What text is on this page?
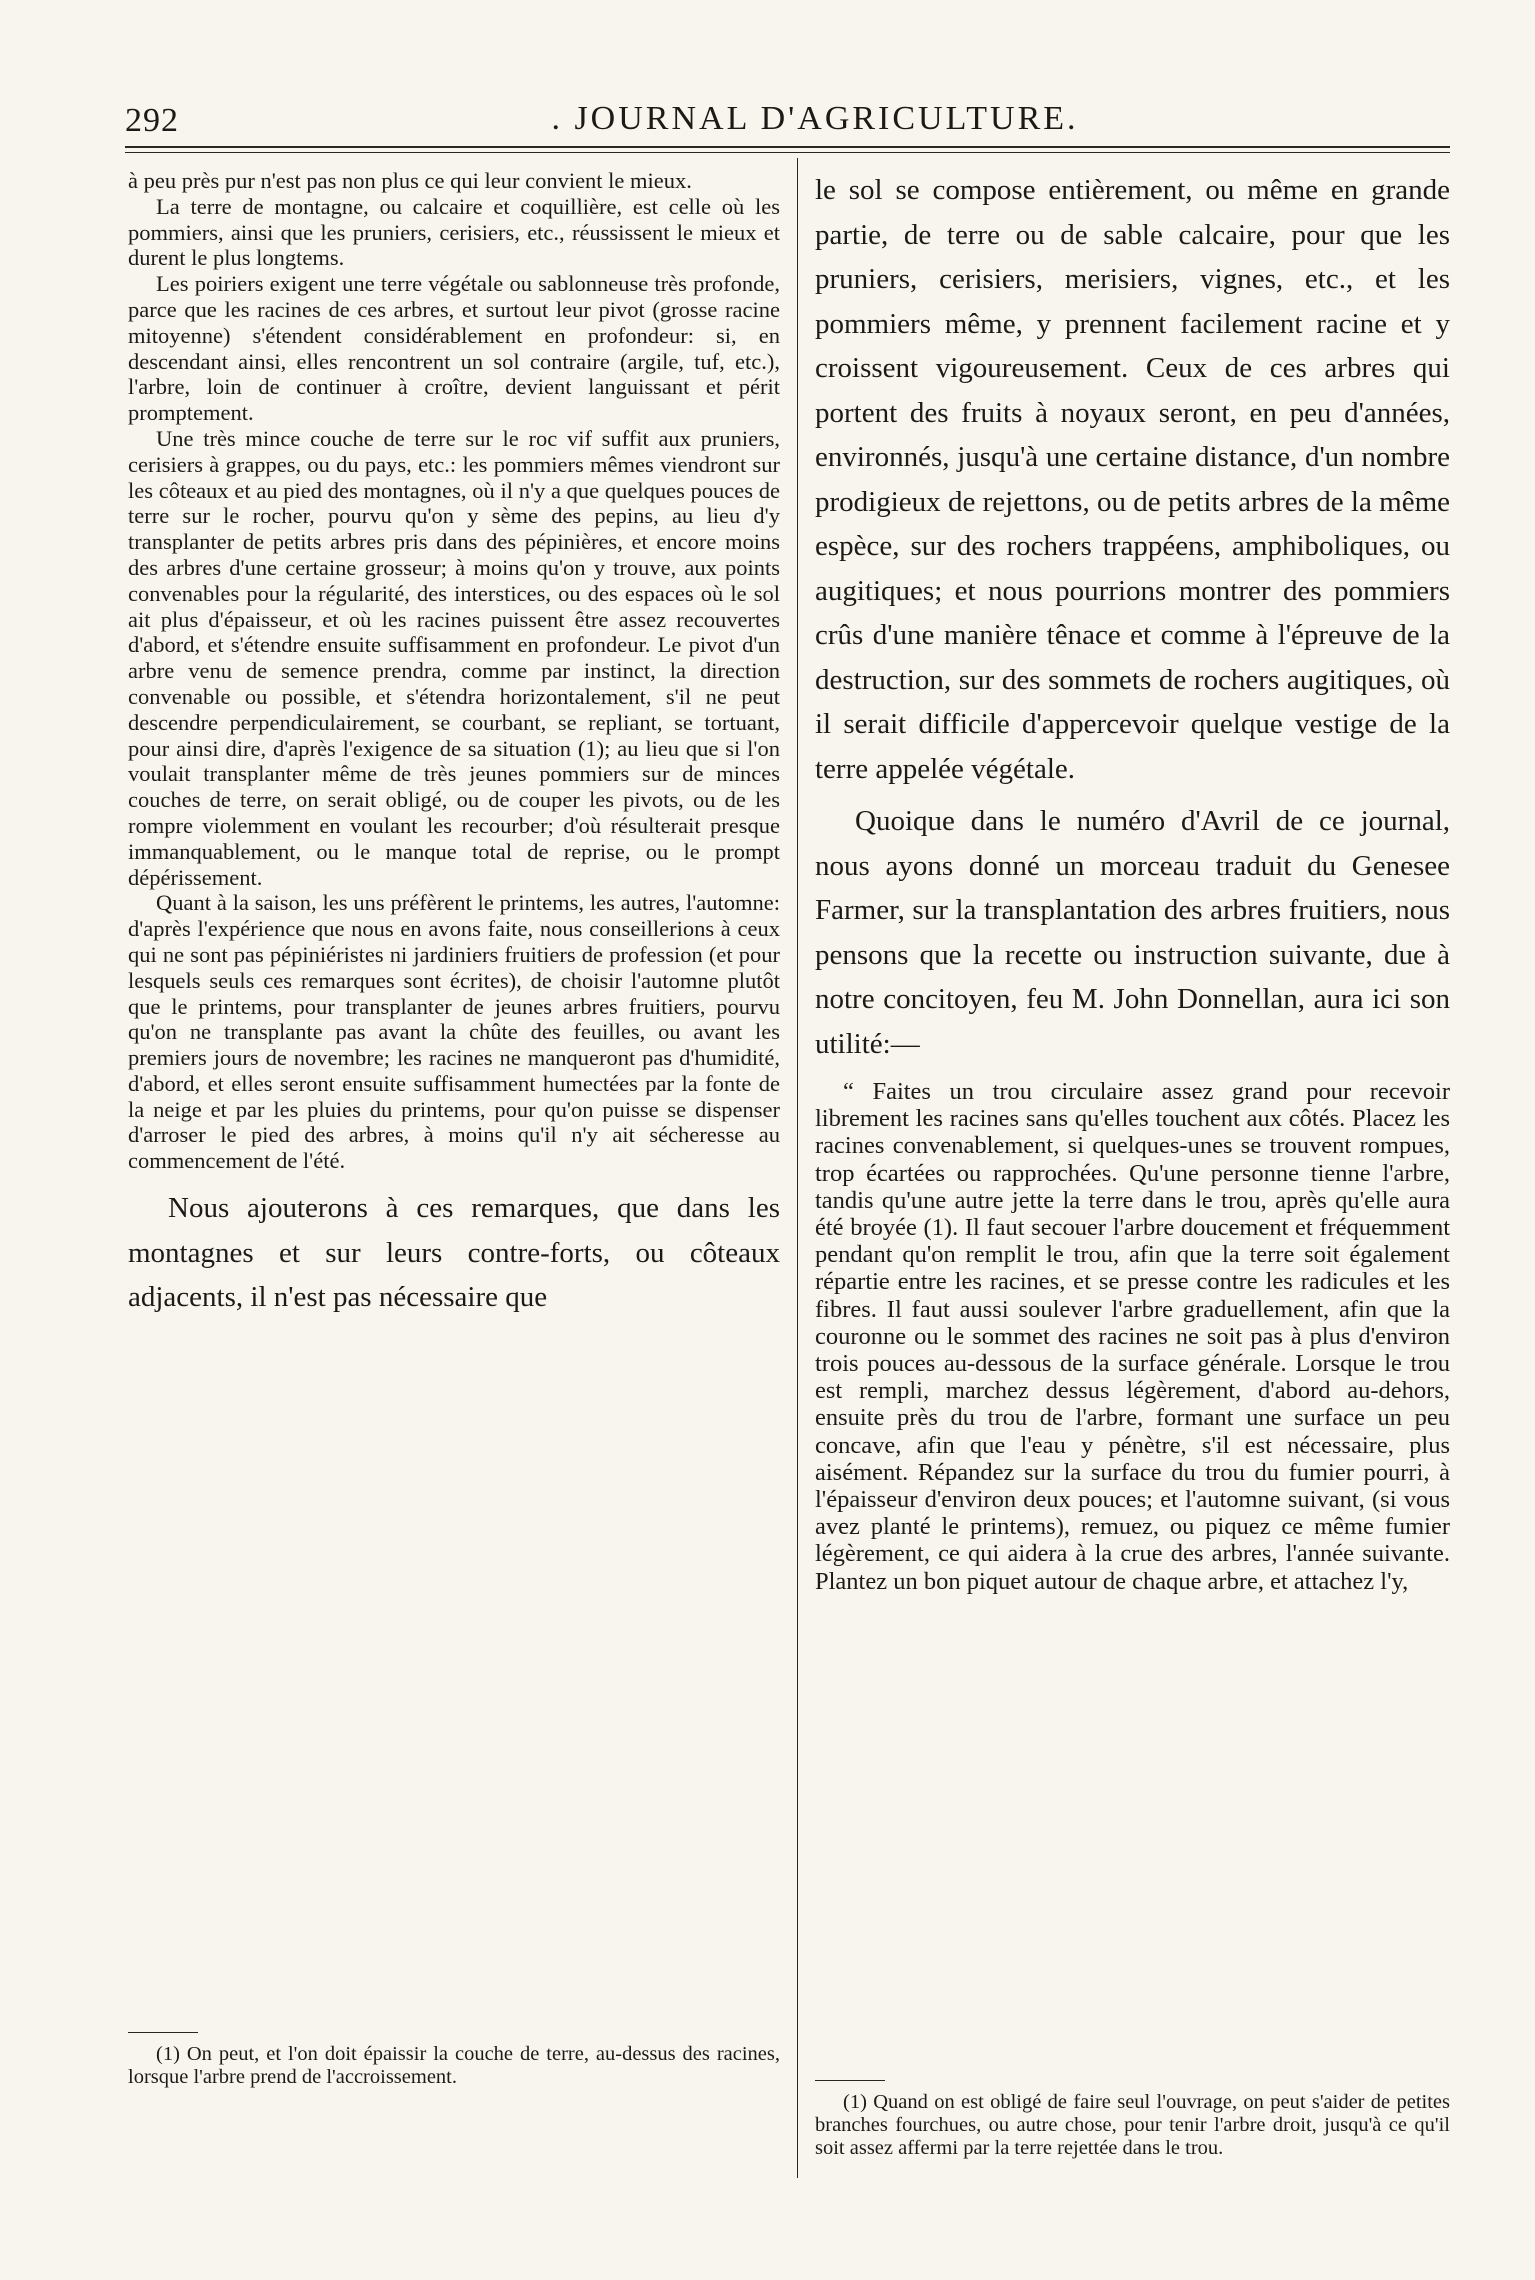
292	. JOURNAL D'AGRICULTURE.

à peu près pur n'est pas non plus ce qui leur convient le mieux.

La terre de montagne, ou calcaire et coquillière, est celle où les pommiers, ainsi que les pruniers, cerisiers, etc., réussissent le mieux et durent le plus longtems.

Les poiriers exigent une terre végétale ou sablonneuse très profonde, parce que les racines de ces arbres, et surtout leur pivot (grosse racine mitoyenne) s'étendent considérablement en profondeur: si, en descendant ainsi, elles rencontrent un sol contraire (argile, tuf, etc.), l'arbre, loin de continuer à croître, devient languissant et périt promptement.

Une très mince couche de terre sur le roc vif suffit aux pruniers, cerisiers à grappes, ou du pays, etc.: les pommiers mêmes viendront sur les côteaux et au pied des montagnes, où il n'y a que quelques pouces de terre sur le rocher, pourvu qu'on y sème des pepins, au lieu d'y transplanter de petits arbres pris dans des pépinières, et encore moins des arbres d'une certaine grosseur; à moins qu'on y trouve, aux points convenables pour la régularité, des interstices, ou des espaces où le sol ait plus d'épaisseur, et où les racines puissent être assez recouvertes d'abord, et s'étendre ensuite suffisamment en profondeur. Le pivot d'un arbre venu de semence prendra, comme par instinct, la direction convenable ou possible, et s'étendra horizontalement, s'il ne peut descendre perpendiculairement, se courbant, se repliant, se tortuant, pour ainsi dire, d'après l'exigence de sa situation (1); au lieu que si l'on voulait transplanter même de très jeunes pommiers sur de minces couches de terre, on serait obligé, ou de couper les pivots, ou de les rompre violemment en voulant les recourber; d'où résulterait presque immanquablement, ou le manque total de reprise, ou le prompt dépérissement.

Quant à la saison, les uns préfèrent le printems, les autres, l'automne: d'après l'expérience que nous en avons faite, nous conseillerions à ceux qui ne sont pas pépiniéristes ni jardiniers fruitiers de profession (et pour lesquels seuls ces remarques sont écrites), de choisir l'automne plutôt que le printems, pour transplanter de jeunes arbres fruitiers, pourvu qu'on ne transplante pas avant la chûte des feuilles, ou avant les premiers jours de novembre; les racines ne manqueront pas d'humidité, d'abord, et elles seront ensuite suffisamment humectées par la fonte de la neige et par les pluies du printems, pour qu'on puisse se dispenser d'arroser le pied des arbres, à moins qu'il n'y ait sécheresse au commencement de l'été.

Nous ajouterons à ces remarques, que dans les montagnes et sur leurs contre-forts, ou côteaux adjacents, il n'est pas nécessaire que

(1) On peut, et l'on doit épaissir la couche de terre, au-dessus des racines, lorsque l'arbre prend de l'accroissement.

le sol se compose entièrement, ou même en grande partie, de terre ou de sable calcaire, pour que les pruniers, cerisiers, merisiers, vignes, etc., et les pommiers même, y prennent facilement racine et y croissent vigoureusement. Ceux de ces arbres qui portent des fruits à noyaux seront, en peu d'années, environnés, jusqu'à une certaine distance, d'un nombre prodigieux de rejettons, ou de petits arbres de la même espèce, sur des rochers trappéens, amphiboliques, ou augitiques; et nous pourrions montrer des pommiers crûs d'une manière tênace et comme à l'épreuve de la destruction, sur des sommets de rochers augitiques, où il serait difficile d'appercevoir quelque vestige de la terre appelée végétale.

Quoique dans le numéro d'Avril de ce journal, nous ayons donné un morceau traduit du Genesee Farmer, sur la transplantation des arbres fruitiers, nous pensons que la recette ou instruction suivante, due à notre concitoyen, feu M. John Donnellan, aura ici son utilité:—

“ Faites un trou circulaire assez grand pour recevoir librement les racines sans qu'elles touchent aux côtés. Placez les racines convenablement, si quelques-unes se trouvent rompues, trop écartées ou rapprochées. Qu'une personne tienne l'arbre, tandis qu'une autre jette la terre dans le trou, après qu'elle aura été broyée (1). Il faut secouer l'arbre doucement et fréquemment pendant qu'on remplit le trou, afin que la terre soit également répartie entre les racines, et se presse contre les radicules et les fibres. Il faut aussi soulever l'arbre graduellement, afin que la couronne ou le sommet des racines ne soit pas à plus d'environ trois pouces au-dessous de la surface générale. Lorsque le trou est rempli, marchez dessus légèrement, d'abord au-dehors, ensuite près du trou de l'arbre, formant une surface un peu concave, afin que l'eau y pénètre, s'il est nécessaire, plus aisément. Répandez sur la surface du trou du fumier pourri, à l'épaisseur d'environ deux pouces; et l'automne suivant, (si vous avez planté le printems), remuez, ou piquez ce même fumier légèrement, ce qui aidera à la crue des arbres, l'année suivante. Plantez un bon piquet autour de chaque arbre, et attachez l'y,

(1) Quand on est obligé de faire seul l'ouvrage, on peut s'aider de petites branches fourchues, ou autre chose, pour tenir l'arbre droit, jusqu'à ce qu'il soit assez affermi par la terre rejettée dans le trou.
